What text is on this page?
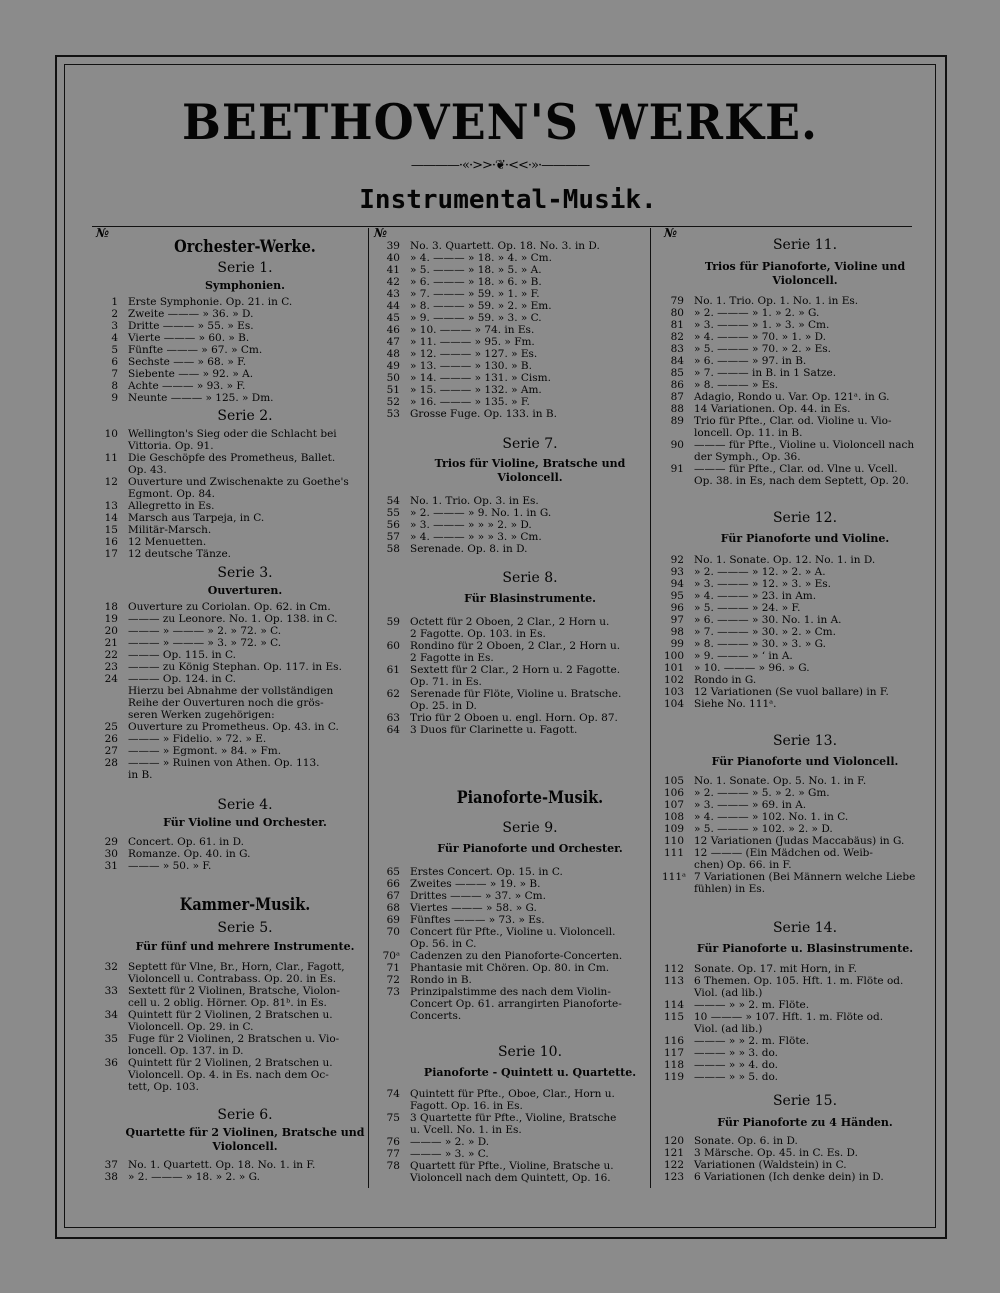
BEETHOVEN'S WERKE.
————·«·>>·❦·<<·»·————
Instrumental-Musik.
№	№	№
Orchester-Werke.
Serie 1.
Symphonien.
1 Erste Symphonie. Op. 21. in C.
2 Zweite ——— » 36. » D.
3 Dritte ——— » 55. » Es.
4 Vierte ——— » 60. » B.
5 Fünfte ——— » 67. » Cm.
6 Sechste —— » 68. » F.
7 Siebente —— » 92. » A.
8 Achte ——— » 93. » F.
9 Neunte ——— » 125. » Dm.
Serie 2.
10 Wellington's Sieg oder die Schlacht bei
Vittoria. Op. 91.
11 Die Geschöpfe des Prometheus, Ballet.
Op. 43.
12 Ouverture und Zwischenakte zu Goethe's
Egmont. Op. 84.
13 Allegretto in Es.
14 Marsch aus Tarpeja, in C.
15 Militär-Marsch.
16 12 Menuetten.
17 12 deutsche Tänze.
Serie 3.
Ouverturen.
18 Ouverture zu Coriolan. Op. 62. in Cm.
19 ——— zu Leonore. No. 1. Op. 138. in C.
20 ——— » ——— » 2. » 72. » C.
21 ——— » ——— » 3. » 72. » C.
22 ——— Op. 115. in C.
23 ——— zu König Stephan. Op. 117. in Es.
24 ——— Op. 124. in C.
Hierzu bei Abnahme der vollständigen
Reihe der Ouverturen noch die grös-
seren Werken zugehörigen:
25 Ouverture zu Prometheus. Op. 43. in C.
26 ——— » Fidelio. » 72. » E.
27 ——— » Egmont. » 84. » Fm.
28 ——— » Ruinen von Athen. Op. 113.
in B.
Serie 4.
Für Violine und Orchester.
29 Concert. Op. 61. in D.
30 Romanze. Op. 40. in G.
31 ——— » 50. » F.
Kammer-Musik.
Serie 5.
Für fünf und mehrere Instrumente.
32 Septett für Vlne, Br., Horn, Clar., Fagott,
Violoncell u. Contrabass. Op. 20. in Es.
33 Sextett für 2 Violinen, Bratsche, Violon-
cell u. 2 oblig. Hörner. Op. 81ᵇ. in Es.
34 Quintett für 2 Violinen, 2 Bratschen u.
Violoncell. Op. 29. in C.
35 Fuge für 2 Violinen, 2 Bratschen u. Vio-
loncell. Op. 137. in D.
36 Quintett für 2 Violinen, 2 Bratschen u.
Violoncell. Op. 4. in Es. nach dem Oc-
tett, Op. 103.
Serie 6.
Quartette für 2 Violinen, Bratsche und Violoncell.
37 No. 1. Quartett. Op. 18. No. 1. in F.
38 » 2. ——— » 18. » 2. » G.
39 No. 3. Quartett. Op. 18. No. 3. in D.
40 » 4. ——— » 18. » 4. » Cm.
41 » 5. ——— » 18. » 5. » A.
42 » 6. ——— » 18. » 6. » B.
43 » 7. ——— » 59. » 1. » F.
44 » 8. ——— » 59. » 2. » Em.
45 » 9. ——— » 59. » 3. » C.
46 » 10. ——— » 74. in Es.
47 » 11. ——— » 95. » Fm.
48 » 12. ——— » 127. » Es.
49 » 13. ——— » 130. » B.
50 » 14. ——— » 131. » Cism.
51 » 15. ——— » 132. » Am.
52 » 16. ——— » 135. » F.
53 Grosse Fuge. Op. 133. in B.
Serie 7.
Trios für Violine, Bratsche und Violoncell.
54 No. 1. Trio. Op. 3. in Es.
55 » 2. ——— » 9. No. 1. in G.
56 » 3. ——— » » » 2. » D.
57 » 4. ——— » » » 3. » Cm.
58 Serenade. Op. 8. in D.
Serie 8.
Für Blasinstrumente.
59 Octett für 2 Oboen, 2 Clar., 2 Horn u.
2 Fagotte. Op. 103. in Es.
60 Rondino für 2 Oboen, 2 Clar., 2 Horn u.
2 Fagotte in Es.
61 Sextett für 2 Clar., 2 Horn u. 2 Fagotte.
Op. 71. in Es.
62 Serenade für Flöte, Violine u. Bratsche.
Op. 25. in D.
63 Trio für 2 Oboen u. engl. Horn. Op. 87.
64 3 Duos für Clarinette u. Fagott.
Pianoforte-Musik.
Serie 9.
Für Pianoforte und Orchester.
65 Erstes Concert. Op. 15. in C.
66 Zweites ——— » 19. » B.
67 Drittes ——— » 37. » Cm.
68 Viertes ——— » 58. » G.
69 Fünftes ——— » 73. » Es.
70 Concert für Pfte., Violine u. Violoncell.
Op. 56. in C.
70ᵃ Cadenzen zu den Pianoforte-Concerten.
71 Phantasie mit Chören. Op. 80. in Cm.
72 Rondo in B.
73 Prinzipalstimme des nach dem Violin-
Concert Op. 61. arrangirten Pianoforte-
Concerts.
Serie 10.
Pianoforte - Quintett u. Quartette.
74 Quintett für Pfte., Oboe, Clar., Horn u.
Fagott. Op. 16. in Es.
75 3 Quartette für Pfte., Violine, Bratsche
u. Vcell. No. 1. in Es.
76 ——— » 2. » D.
77 ——— » 3. » C.
78 Quartett für Pfte., Violine, Bratsche u.
Violoncell nach dem Quintett, Op. 16.
Serie 11.
Trios für Pianoforte, Violine und Violoncell.
79 No. 1. Trio. Op. 1. No. 1. in Es.
80 » 2. ——— » 1. » 2. » G.
81 » 3. ——— » 1. » 3. » Cm.
82 » 4. ——— » 70. » 1. » D.
83 » 5. ——— » 70. » 2. » Es.
84 » 6. ——— » 97. in B.
85 » 7. ——— in B. in 1 Satze.
86 » 8. ——— » Es.
87 Adagio, Rondo u. Var. Op. 121ᵃ. in G.
88 14 Variationen. Op. 44. in Es.
89 Trio für Pfte., Clar. od. Violine u. Vio-
loncell. Op. 11. in B.
90 ——— für Pfte., Violine u. Violoncell nach
der Symph., Op. 36.
91 ——— für Pfte., Clar. od. Vlne u. Vcell.
Op. 38. in Es, nach dem Septett, Op. 20.
Serie 12.
Für Pianoforte und Violine.
92 No. 1. Sonate. Op. 12. No. 1. in D.
93 » 2. ——— » 12. » 2. » A.
94 » 3. ——— » 12. » 3. » Es.
95 » 4. ——— » 23. in Am.
96 » 5. ——— » 24. » F.
97 » 6. ——— » 30. No. 1. in A.
98 » 7. ——— » 30. » 2. » Cm.
99 » 8. ——— » 30. » 3. » G.
100 » 9. ——— » ‘ in A.
101 » 10. ——— » 96. » G.
102 Rondo in G.
103 12 Variationen (Se vuol ballare) in F.
104 Siehe No. 111ᵃ.
Serie 13.
Für Pianoforte und Violoncell.
105 No. 1. Sonate. Op. 5. No. 1. in F.
106 » 2. ——— » 5. » 2. » Gm.
107 » 3. ——— » 69. in A.
108 » 4. ——— » 102. No. 1. in C.
109 » 5. ——— » 102. » 2. » D.
110 12 Variationen (Judas Maccabäus) in G.
111 12 ——— (Ein Mädchen od. Weib-
chen) Op. 66. in F.
111ᵃ 7 Variationen (Bei Männern welche Liebe
fühlen) in Es.
Serie 14.
Für Pianoforte u. Blasinstrumente.
112 Sonate. Op. 17. mit Horn, in F.
113 6 Themen. Op. 105. Hft. 1. m. Flöte od.
Viol. (ad lib.)
114 ——— » » 2. m. Flöte.
115 10 ——— » 107. Hft. 1. m. Flöte od.
Viol. (ad lib.)
116 ——— » » 2. m. Flöte.
117 ——— » » 3. do.
118 ——— » » 4. do.
119 ——— » » 5. do.
Serie 15.
Für Pianoforte zu 4 Händen.
120 Sonate. Op. 6. in D.
121 3 Märsche. Op. 45. in C. Es. D.
122 Variationen (Waldstein) in C.
123 6 Variationen (Ich denke dein) in D.
